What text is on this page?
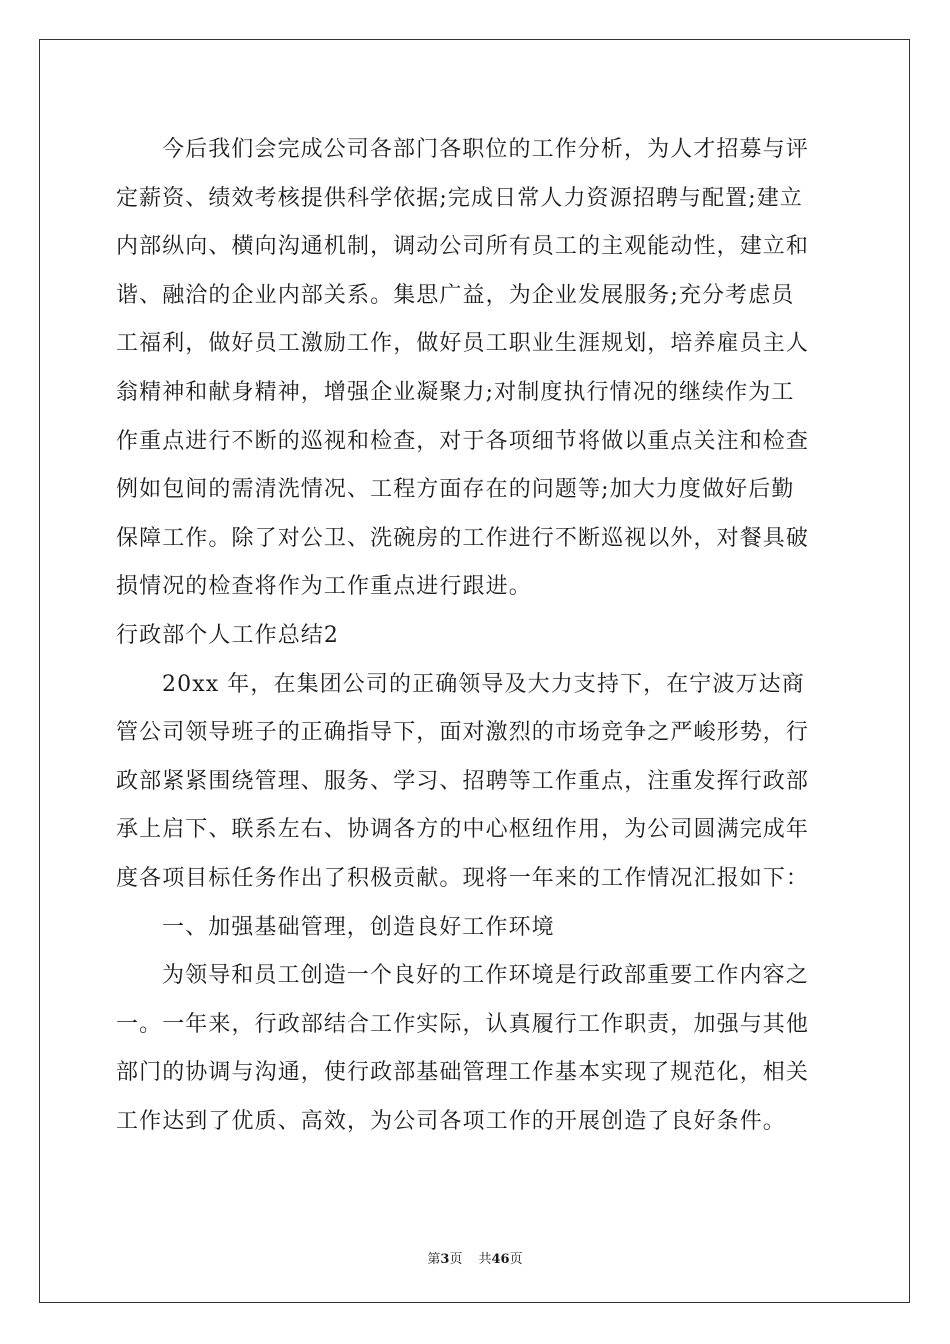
今后我们会完成公司各部门各职位的工作分析，为人才招募与评
定薪资、绩效考核提供科学依据;完成日常人力资源招聘与配置;建立
内部纵向、横向沟通机制，调动公司所有员工的主观能动性，建立和
谐、融洽的企业内部关系。集思广益，为企业发展服务;充分考虑员
工福利，做好员工激励工作，做好员工职业生涯规划，培养雇员主人
翁精神和献身精神，增强企业凝聚力;对制度执行情况的继续作为工
作重点进行不断的巡视和检查，对于各项细节将做以重点关注和检查
例如包间的需清洗情况、工程方面存在的问题等;加大力度做好后勤
保障工作。除了对公卫、洗碗房的工作进行不断巡视以外，对餐具破
损情况的检查将作为工作重点进行跟进。
行政部个人工作总结2
20xx 年，在集团公司的正确领导及大力支持下，在宁波万达商
管公司领导班子的正确指导下，面对激烈的市场竞争之严峻形势，行
政部紧紧围绕管理、服务、学习、招聘等工作重点，注重发挥行政部
承上启下、联系左右、协调各方的中心枢纽作用，为公司圆满完成年
度各项目标任务作出了积极贡献。现将一年来的工作情况汇报如下：
一、加强基础管理，创造良好工作环境
为领导和员工创造一个良好的工作环境是行政部重要工作内容之
一。一年来，行政部结合工作实际，认真履行工作职责，加强与其他
部门的协调与沟通，使行政部基础管理工作基本实现了规范化，相关
工作达到了优质、高效，为公司各项工作的开展创造了良好条件。
第3页 共46页
